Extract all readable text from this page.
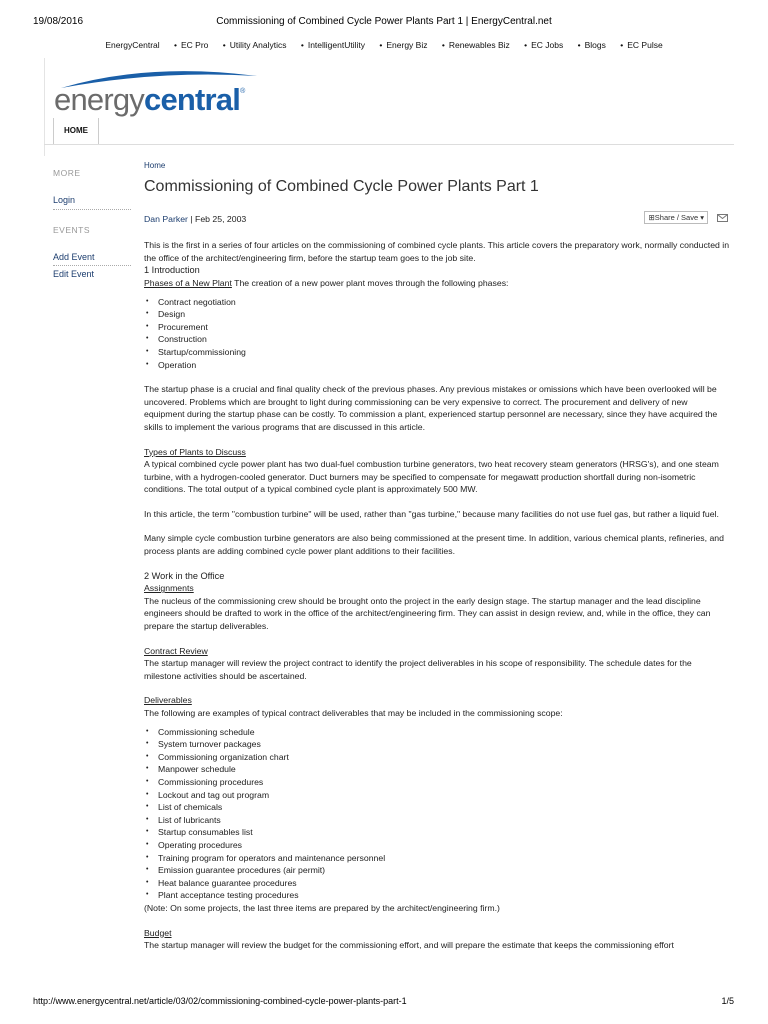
19/08/2016	Commissioning of Combined Cycle Power Plants Part 1 | EnergyCentral.net
EnergyCentral • EC Pro • Utility Analytics • IntelligentUtility • Energy Biz • Renewables Biz • EC Jobs • Blogs • EC Pulse
energycentral®
HOME
MORE
Login
EVENTS
Add Event
Edit Event
Home
Commissioning of Combined Cycle Power Plants Part 1
Dan Parker | Feb 25, 2003	⊞Share / Save ▾

This is the first in a series of four articles on the commissioning of combined cycle plants. This article covers the preparatory work, normally conducted in the office of the architect/engineering firm, before the startup team goes to the job site.

1 Introduction

Phases of a New Plant The creation of a new power plant moves through the following phases:

• Contract negotiation
• Design
• Procurement
• Construction
• Startup/commissioning
• Operation

The startup phase is a crucial and final quality check of the previous phases. Any previous mistakes or omissions which have been overlooked will be uncovered. Problems which are brought to light during commissioning can be very expensive to correct. The procurement and delivery of new equipment during the startup phase can be costly. To commission a plant, experienced startup personnel are necessary, since they have acquired the skills to implement the various programs that are discussed in this article.

Types of Plants to Discuss

A typical combined cycle power plant has two dual-fuel combustion turbine generators, two heat recovery steam generators (HRSG's), and one steam turbine, with a hydrogen-cooled generator. Duct burners may be specified to compensate for megawatt production shortfall during non-isometric conditions. The total output of a typical combined cycle plant is approximately 500 MW.

In this article, the term "combustion turbine" will be used, rather than "gas turbine," because many facilities do not use fuel gas, but rather a liquid fuel.

Many simple cycle combustion turbine generators are also being commissioned at the present time. In addition, various chemical plants, refineries, and process plants are adding combined cycle power plant additions to their facilities.

2 Work in the Office

Assignments

The nucleus of the commissioning crew should be brought onto the project in the early design stage. The startup manager and the lead discipline engineers should be drafted to work in the office of the architect/engineering firm. They can assist in design review, and, while in the office, they can prepare the startup deliverables.

Contract Review

The startup manager will review the project contract to identify the project deliverables in his scope of responsibility. The schedule dates for the milestone activities should be ascertained.

Deliverables

The following are examples of typical contract deliverables that may be included in the commissioning scope:

• Commissioning schedule
• System turnover packages
• Commissioning organization chart
• Manpower schedule
• Commissioning procedures
• Lockout and tag out program
• List of chemicals
• List of lubricants
• Startup consumables list
• Operating procedures
• Training program for operators and maintenance personnel
• Emission guarantee procedures (air permit)
• Heat balance guarantee procedures
• Plant acceptance testing procedures

(Note: On some projects, the last three items are prepared by the architect/engineering firm.)

Budget

The startup manager will review the budget for the commissioning effort, and will prepare the estimate that keeps the commissioning effort

http://www.energycentral.net/article/03/02/commissioning-combined-cycle-power-plants-part-1	1/5
